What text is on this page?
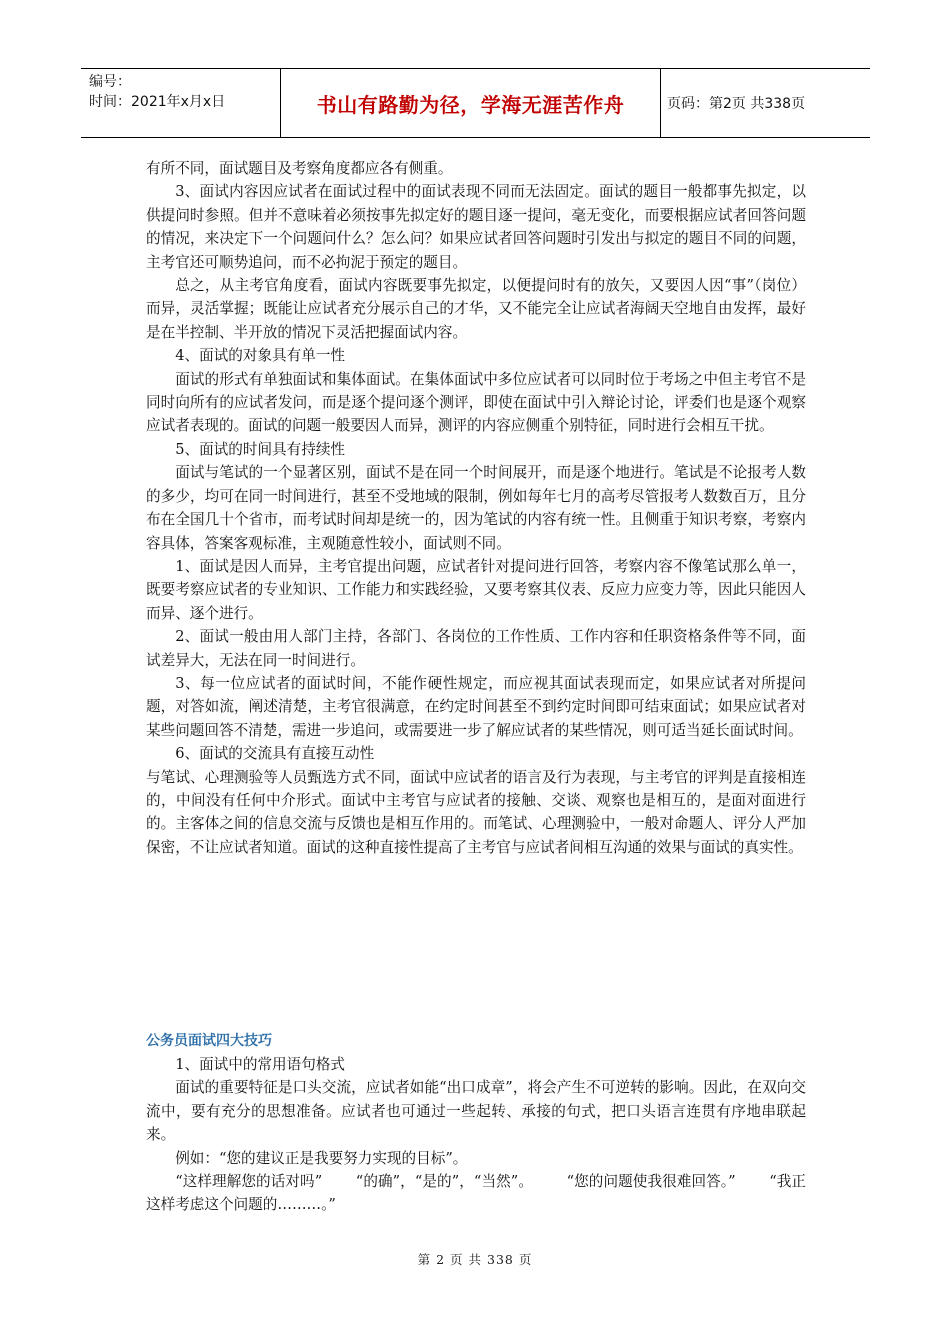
编号：
时间：2021年x月x日	书山有路勤为径，学海无涯苦作舟	页码：第2页 共338页

有所不同，面试题目及考察角度都应各有侧重。

3、面试内容因应试者在面试过程中的面试表现不同而无法固定。面试的题目一般都事先拟定，以供提问时参照。但并不意味着必须按事先拟定好的题目逐一提问，毫无变化，而要根据应试者回答问题的情况，来决定下一个问题问什么？怎么问？如果应试者回答问题时引发出与拟定的题目不同的问题，主考官还可顺势追问，而不必拘泥于预定的题目。

总之，从主考官角度看，面试内容既要事先拟定，以便提问时有的放矢，又要因人因“事”（岗位）而异，灵活掌握；既能让应试者充分展示自己的才华，又不能完全让应试者海阔天空地自由发挥，最好是在半控制、半开放的情况下灵活把握面试内容。

4、面试的对象具有单一性

面试的形式有单独面试和集体面试。在集体面试中多位应试者可以同时位于考场之中但主考官不是同时向所有的应试者发问，而是逐个提问逐个测评，即使在面试中引入辩论讨论，评委们也是逐个观察应试者表现的。面试的问题一般要因人而异，测评的内容应侧重个别特征，同时进行会相互干扰。

5、面试的时间具有持续性

面试与笔试的一个显著区别，面试不是在同一个时间展开，而是逐个地进行。笔试是不论报考人数的多少，均可在同一时间进行，甚至不受地域的限制，例如每年七月的高考尽管报考人数数百万，且分布在全国几十个省市，而考试时间却是统一的，因为笔试的内容有统一性。且侧重于知识考察，考察内容具体，答案客观标准，主观随意性较小，面试则不同。

1、面试是因人而异，主考官提出问题，应试者针对提问进行回答，考察内容不像笔试那么单一，既要考察应试者的专业知识、工作能力和实践经验，又要考察其仪表、反应力应变力等，因此只能因人而异、逐个进行。

2、面试一般由用人部门主持，各部门、各岗位的工作性质、工作内容和任职资格条件等不同，面试差异大，无法在同一时间进行。

3、每一位应试者的面试时间，不能作硬性规定，而应视其面试表现而定，如果应试者对所提问题，对答如流，阐述清楚，主考官很满意，在约定时间甚至不到约定时间即可结束面试；如果应试者对某些问题回答不清楚，需进一步追问，或需要进一步了解应试者的某些情况，则可适当延长面试时间。

6、面试的交流具有直接互动性

与笔试、心理测验等人员甄选方式不同，面试中应试者的语言及行为表现，与主考官的评判是直接相连的，中间没有任何中介形式。面试中主考官与应试者的接触、交谈、观察也是相互的，是面对面进行的。主客体之间的信息交流与反馈也是相互作用的。而笔试、心理测验中，一般对命题人、评分人严加保密，不让应试者知道。面试的这种直接性提高了主考官与应试者间相互沟通的效果与面试的真实性。

公务员面试四大技巧

1、面试中的常用语句格式

面试的重要特征是口头交流，应试者如能“出口成章”，将会产生不可逆转的影响。因此，在双向交流中，要有充分的思想准备。应试者也可通过一些起转、承接的句式，把口头语言连贯有序地串联起来。

例如：“您的建议正是我要努力实现的目标”。

“这样理解您的话对吗” “的确”，“是的”，“当然”。 “您的问题使我很难回答。” “我正这样考虑这个问题的………。”

第 2 页 共 338 页
